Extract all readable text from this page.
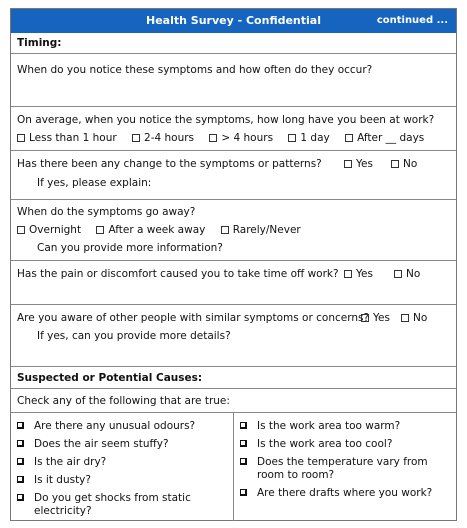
Health Survey - Confidential	continued ...
Timing:
When do you notice these symptoms and how often do they occur?
On average, when you notice the symptoms, how long have you been at work?
Less than 1 hour	2-4 hours	> 4 hours	1 day	After __ days
Has there been any change to the symptoms or patterns?	Yes	No
If yes, please explain:
When do the symptoms go away?
Overnight	After a week away	Rarely/Never
Can you provide more information?
Has the pain or discomfort caused you to take time off work?	Yes	No
Are you aware of other people with similar symptoms or concerns? Yes	No
If yes, can you provide more details?
Suspected or Potential Causes:
Check any of the following that are true:
Are there any unusual odours?
Does the air seem stuffy?
Is the air dry?
Is it dusty?
Do you get shocks from static electricity?
Is the work area too warm?
Is the work area too cool?
Does the temperature vary from room to room?
Are there drafts where you work?
